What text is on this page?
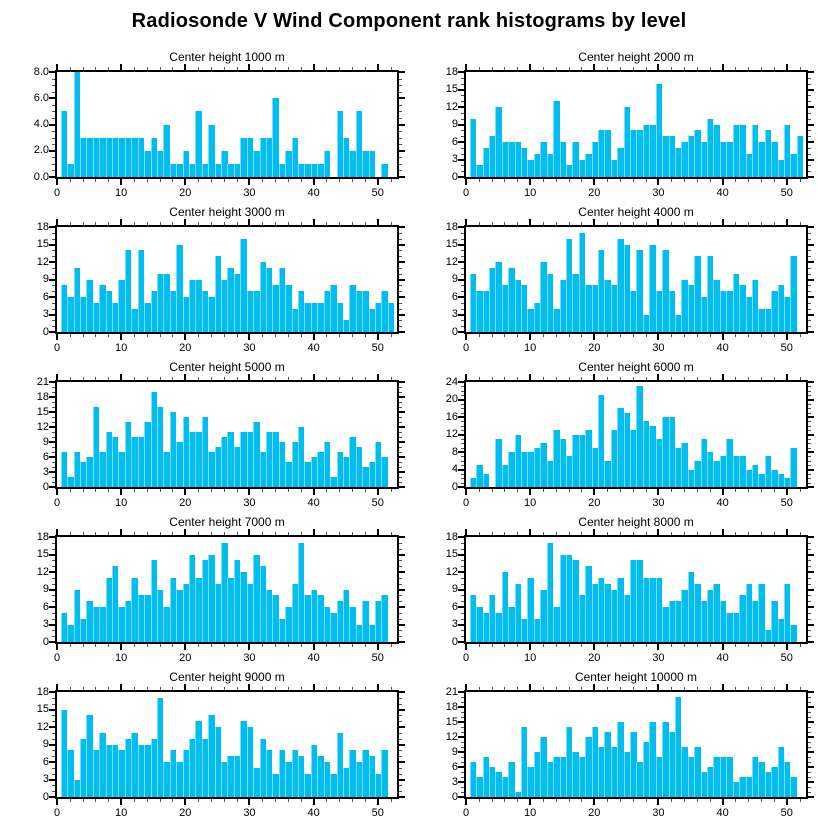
Radiosonde V Wind Component rank histograms by level
Center height 1000 m
0	10	20	30	40	50
0.0
2.0
4.0
6.0
8.0
Center height 2000 m
0	10	20	30	40	50
0
3
6
9
12
15
18
Center height 3000 m
0	10	20	30	40	50
0
3
6
9
12
15
18
Center height 4000 m
0	10	20	30	40	50
0
3
6
9
12
15
18
Center height 5000 m
0	10	20	30	40	50
0
3
6
9
12
15
18
21
Center height 6000 m
0	10	20	30	40	50
0
4
8
12
16
20
24
Center height 7000 m
0	10	20	30	40	50
0
3
6
9
12
15
18
Center height 8000 m
0	10	20	30	40	50
0
3
6
9
12
15
18
Center height 9000 m
0	10	20	30	40	50
0
3
6
9
12
15
18
Center height 10000 m
0	10	20	30	40	50
0
3
6
9
12
15
18
21
